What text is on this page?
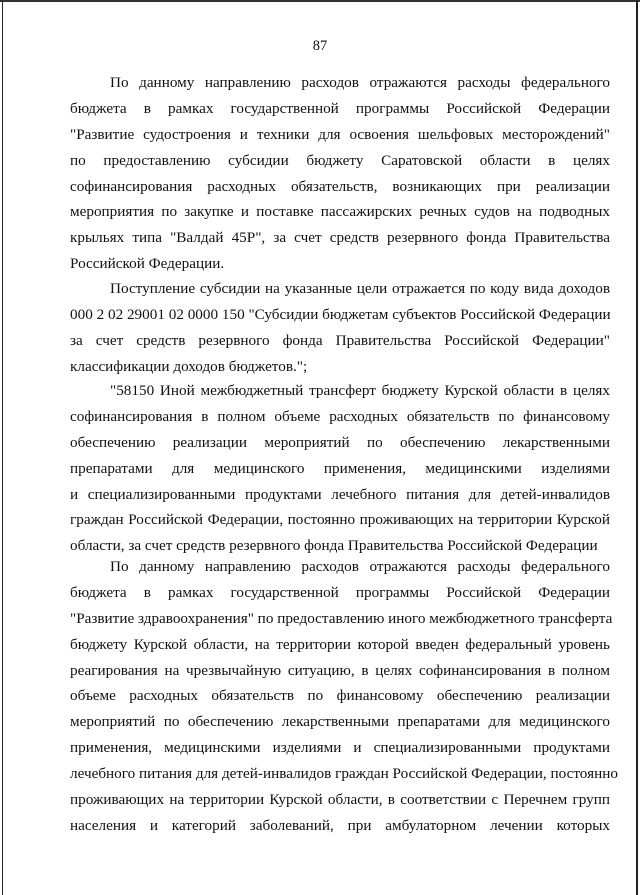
87
По данному направлению расходов отражаются расходы федерального
бюджета в рамках государственной программы Российской Федерации
"Развитие судостроения и техники для освоения шельфовых месторождений"
по предоставлению субсидии бюджету Саратовской области в целях
софинансирования расходных обязательств, возникающих при реализации
мероприятия по закупке и поставке пассажирских речных судов на подводных
крыльях типа "Валдай 45Р", за счет средств резервного фонда Правительства
Российской Федерации.
Поступление субсидии на указанные цели отражается по коду вида доходов
000 2 02 29001 02 0000 150 "Субсидии бюджетам субъектов Российской Федерации
за счет средств резервного фонда Правительства Российской Федерации"
классификации доходов бюджетов.";
"58150 Иной межбюджетный трансферт бюджету Курской области в целях
софинансирования в полном объеме расходных обязательств по финансовому
обеспечению реализации мероприятий по обеспечению лекарственными
препаратами для медицинского применения, медицинскими изделиями
и специализированными продуктами лечебного питания для детей-инвалидов
граждан Российской Федерации, постоянно проживающих на территории Курской
области, за счет средств резервного фонда Правительства Российской Федерации
По данному направлению расходов отражаются расходы федерального
бюджета в рамках государственной программы Российской Федерации
"Развитие здравоохранения" по предоставлению иного межбюджетного трансферта
бюджету Курской области, на территории которой введен федеральный уровень
реагирования на чрезвычайную ситуацию, в целях софинансирования в полном
объеме расходных обязательств по финансовому обеспечению реализации
мероприятий по обеспечению лекарственными препаратами для медицинского
применения, медицинскими изделиями и специализированными продуктами
лечебного питания для детей-инвалидов граждан Российской Федерации, постоянно
проживающих на территории Курской области, в соответствии с Перечнем групп
населения и категорий заболеваний, при амбулаторном лечении которых
